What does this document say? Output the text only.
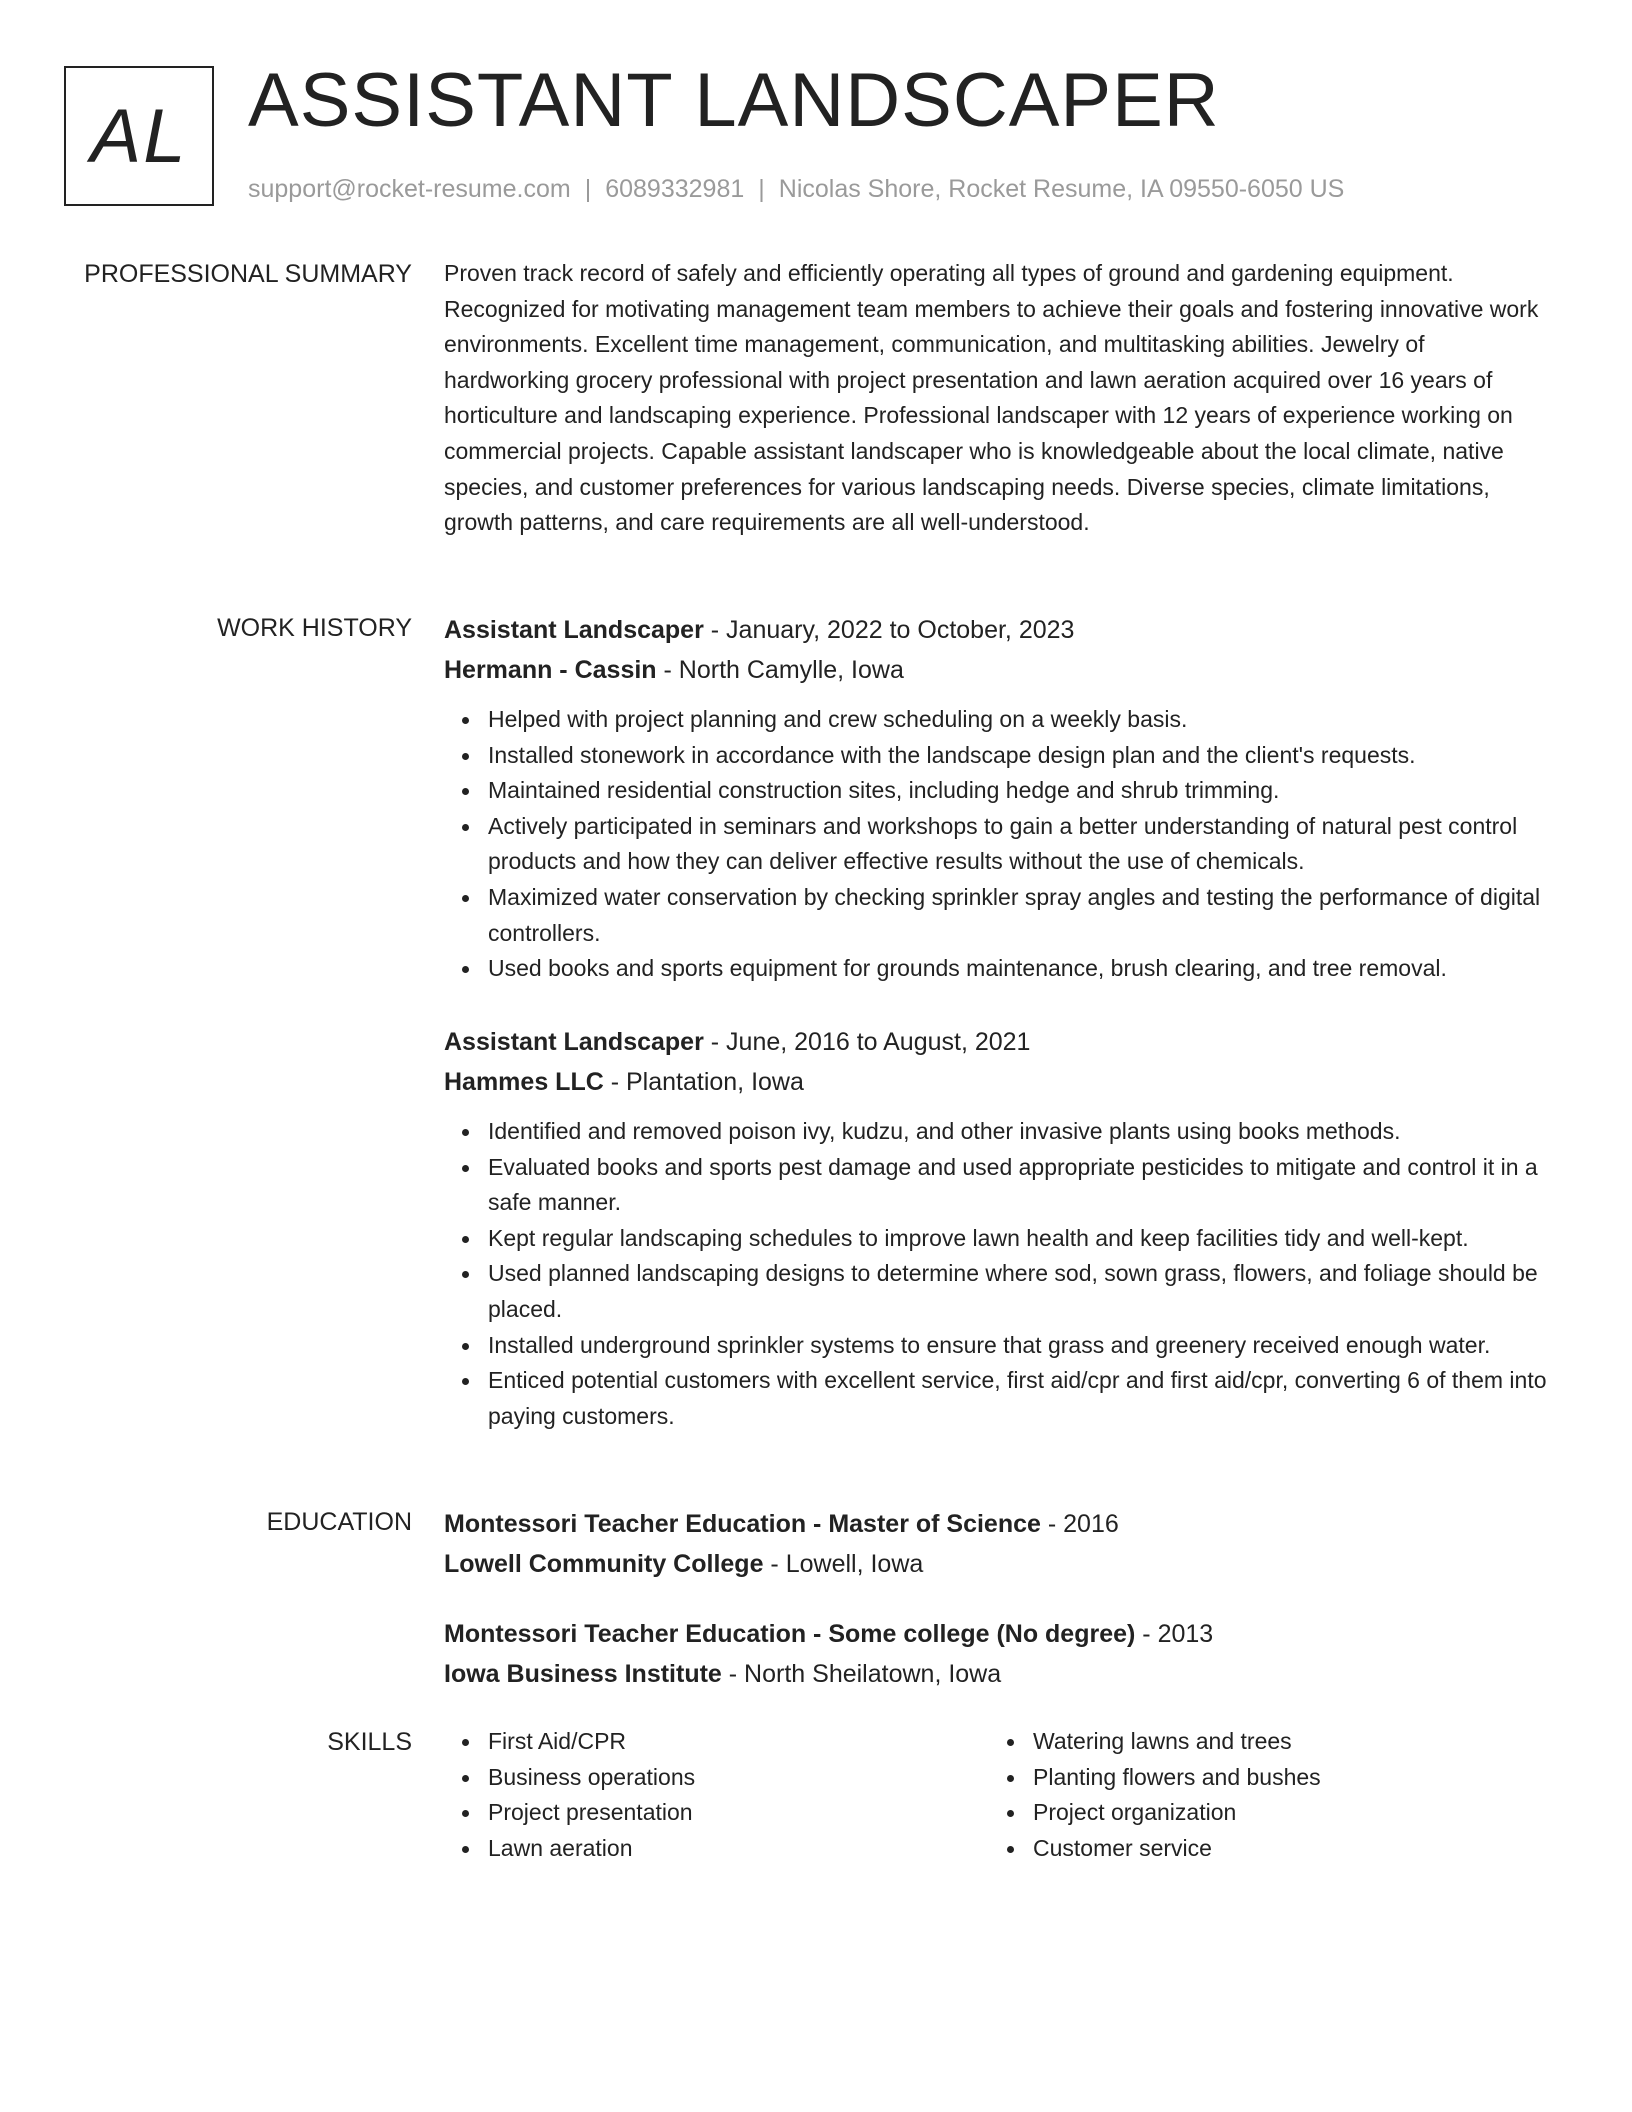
AL ASSISTANT LANDSCAPER
support@rocket-resume.com | 6089332981 | Nicolas Shore, Rocket Resume, IA 09550-6050 US
PROFESSIONAL SUMMARY Proven track record of safely and efficiently operating all types of ground and gardening equipment. Recognized for motivating management team members to achieve their goals and fostering innovative work environments. Excellent time management, communication, and multitasking abilities. Jewelry of hardworking grocery professional with project presentation and lawn aeration acquired over 16 years of horticulture and landscaping experience. Professional landscaper with 12 years of experience working on commercial projects. Capable assistant landscaper who is knowledgeable about the local climate, native species, and customer preferences for various landscaping needs. Diverse species, climate limitations, growth patterns, and care requirements are all well-understood.

WORK HISTORY Assistant Landscaper - January, 2022 to October, 2023
Hermann - Cassin - North Camylle, Iowa
Helped with project planning and crew scheduling on a weekly basis.
Installed stonework in accordance with the landscape design plan and the client's requests.
Maintained residential construction sites, including hedge and shrub trimming.
Actively participated in seminars and workshops to gain a better understanding of natural pest control products and how they can deliver effective results without the use of chemicals.
Maximized water conservation by checking sprinkler spray angles and testing the performance of digital controllers.
Used books and sports equipment for grounds maintenance, brush clearing, and tree removal.
Assistant Landscaper - June, 2016 to August, 2021
Hammes LLC - Plantation, Iowa
Identified and removed poison ivy, kudzu, and other invasive plants using books methods.
Evaluated books and sports pest damage and used appropriate pesticides to mitigate and control it in a safe manner.
Kept regular landscaping schedules to improve lawn health and keep facilities tidy and well-kept.
Used planned landscaping designs to determine where sod, sown grass, flowers, and foliage should be placed.
Installed underground sprinkler systems to ensure that grass and greenery received enough water.
Enticed potential customers with excellent service, first aid/cpr and first aid/cpr, converting 6 of them into paying customers.
EDUCATION Montessori Teacher Education - Master of Science - 2016
Lowell Community College - Lowell, Iowa
Montessori Teacher Education - Some college (No degree) - 2013
Iowa Business Institute - North Sheilatown, Iowa
SKILLS	First Aid/CPR
Business operations
Project presentation
Lawn aeration
Watering lawns and trees
Planting flowers and bushes
Project organization
Customer service
